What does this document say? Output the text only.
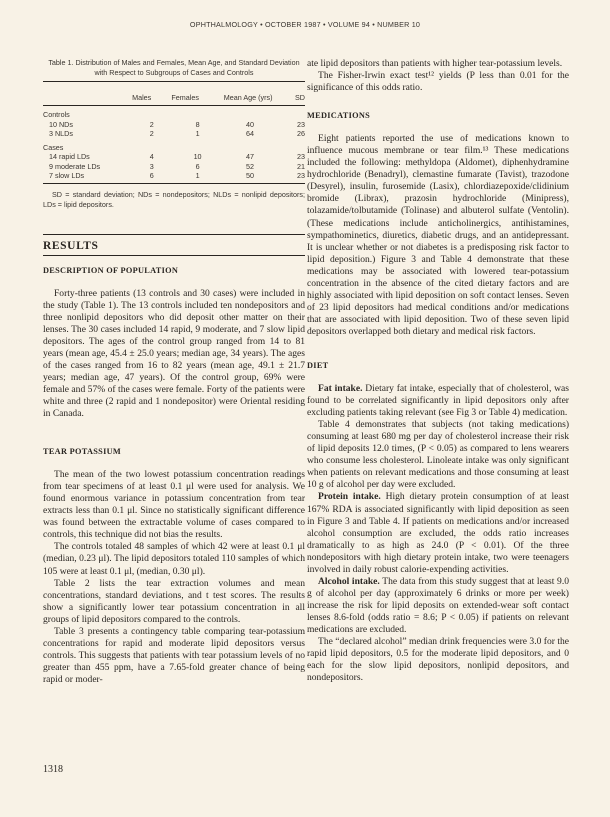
OPHTHALMOLOGY • OCTOBER 1987 • VOLUME 94 • NUMBER 10
Table 1. Distribution of Males and Females, Mean Age, and Standard Deviation with Respect to Subgroups of Cases and Controls

	Males	Females	Mean Age (yrs)	SD
Controls				
10 NDs	2	8	40	23
3 NLDs	2	1	64	26
Cases				
14 rapid LDs	4	10	47	23
9 moderate LDs	3	6	52	21
7 slow LDs	6	1	50	23
SD = standard deviation; NDs = nondepositors; NLDs = nonlipid depositors; LDs = lipid depositors.
RESULTS
DESCRIPTION OF POPULATION

Forty-three patients (13 controls and 30 cases) were included in the study (Table 1). The 13 controls included ten nondepositors and three nonlipid depositors who did deposit other matter on their lenses. The 30 cases included 14 rapid, 9 moderate, and 7 slow lipid depositors. The ages of the control group ranged from 14 to 81 years (mean age, 45.4 ± 25.0 years; median age, 34 years). The ages of the cases ranged from 16 to 82 years (mean age, 49.1 ± 21.7 years; median age, 47 years). Of the control group, 69% were female and 57% of the cases were female. Forty of the patients were white and three (2 rapid and 1 nondepositor) were Oriental residing in Canada.

TEAR POTASSIUM

The mean of the two lowest potassium concentration readings from tear specimens of at least 0.1 μl were used for analysis. We found enormous variance in potassium concentration from tear extracts less than 0.1 μl. Since no statistically significant difference was found between the extractable volume of cases compared to controls, this technique did not bias the results.

The controls totaled 48 samples of which 42 were at least 0.1 μl (median, 0.23 μl). The lipid depositors totaled 110 samples of which 105 were at least 0.1 μl, (median, 0.30 μl).

Table 2 lists the tear extraction volumes and mean concentrations, standard deviations, and t test scores. The results show a significantly lower tear potassium concentration in all groups of lipid depositors compared to the controls.

Table 3 presents a contingency table comparing tear-potassium concentrations for rapid and moderate lipid depositors versus controls. This suggests that patients with tear potassium levels of no greater than 455 ppm, have a 7.65-fold greater chance of being rapid or moder-

ate lipid depositors than patients with higher tear-potassium levels.

The Fisher-Irwin exact test¹² yields (P less than 0.01 for the significance of this odds ratio.

MEDICATIONS

Eight patients reported the use of medications known to influence mucous membrane or tear film.¹³ These medications included the following: methyldopa (Aldomet), diphenhydramine hydrochloride (Benadryl), clemastine fumarate (Tavist), trazodone (Desyrel), insulin, furosemide (Lasix), chlordiazepoxide/clidinium bromide (Librax), prazosin hydrochloride (Minipress), tolazamide/tolbutamide (Tolinase) and albuterol sulfate (Ventolin). (These medications include anticholinergics, antihistamines, sympathominetics, diuretics, diabetic drugs, and an antidepressant. It is unclear whether or not diabetes is a predisposing risk factor to lipid deposition.) Figure 3 and Table 4 demonstrate that these medications may be associated with lowered tear-potassium concentration in the absence of the cited dietary factors and are highly associated with lipid deposition on soft contact lenses. Seven of 23 lipid depositors had medical conditions and/or medications that are associated with lipid deposition. Two of these seven lipid depositors overlapped both dietary and medical risk factors.

DIET

Fat intake. Dietary fat intake, especially that of cholesterol, was found to be correlated significantly in lipid depositors only after excluding patients taking relevant (see Fig 3 or Table 4) medication.

Table 4 demonstrates that subjects (not taking medications) consuming at least 680 mg per day of cholesterol increase their risk of lipid deposits 12.0 times, (P < 0.05) as compared to lens wearers who consume less cholesterol. Linoleate intake was only significant when patients on relevant medications and those consuming at least 10 g of alcohol per day were excluded.

Protein intake. High dietary protein consumption of at least 167% RDA is associated significantly with lipid deposition as seen in Figure 3 and Table 4. If patients on medications and/or increased alcohol consumption are excluded, the odds ratio increases dramatically to as high as 24.0 (P < 0.01). Of the three nondepositors with high dietary protein intake, two were teenagers involved in daily robust calorie-expending activities.

Alcohol intake. The data from this study suggest that at least 9.0 g of alcohol per day (approximately 6 drinks or more per week) increase the risk for lipid deposits on extended-wear soft contact lenses 8.6-fold (odds ratio = 8.6; P < 0.05) if patients on relevant medications are excluded.

The “declared alcohol” median drink frequencies were 3.0 for the rapid lipid depositors, 0.5 for the moderate lipid depositors, and 0 each for the slow lipid depositors, nonlipid depositors, and nondepositors.

1318
